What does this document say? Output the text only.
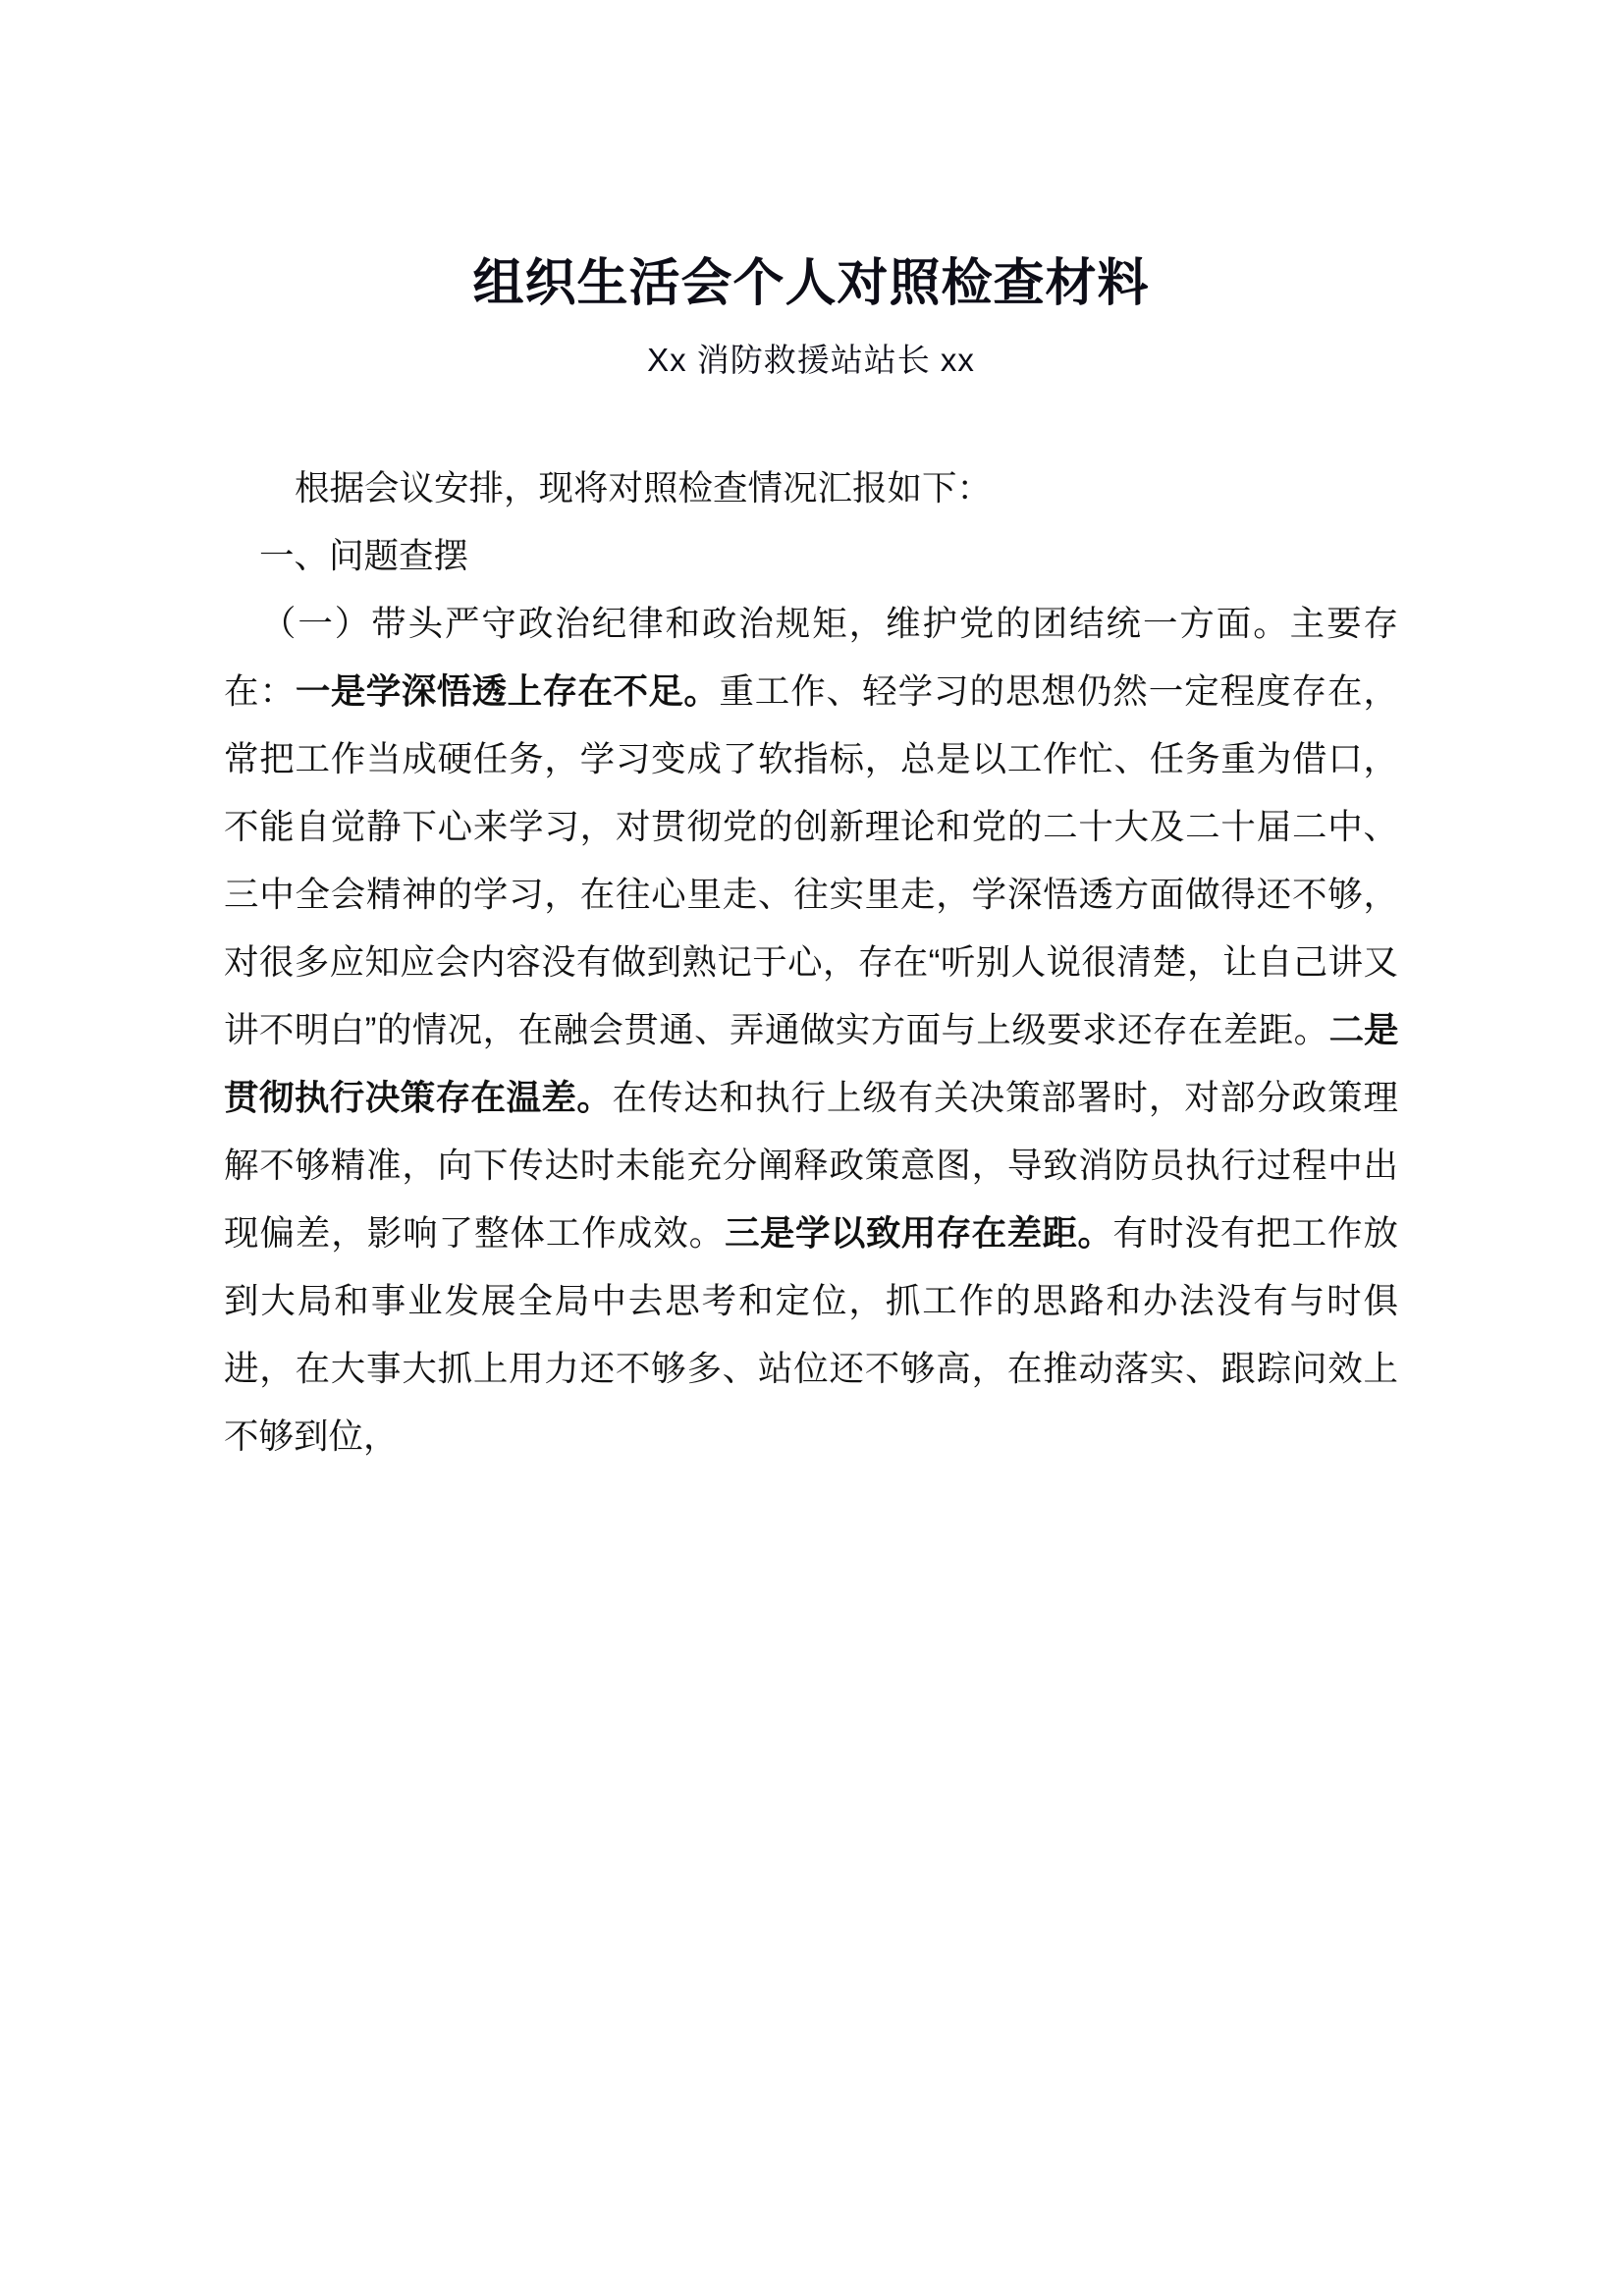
组织生活会个人对照检查材料
Xx 消防救援站站长 xx

根据会议安排，现将对照检查情况汇报如下：

一、问题查摆

（一）带头严守政治纪律和政治规矩，维护党的团结统一方面。主要存在：一是学深悟透上存在不足。重工作、轻学习的思想仍然一定程度存在，常把工作当成硬任务，学习变成了软指标，总是以工作忙、任务重为借口，不能自觉静下心来学习，对贯彻党的创新理论和党的二十大及二十届二中、三中全会精神的学习，在往心里走、往实里走，学深悟透方面做得还不够，对很多应知应会内容没有做到熟记于心，存在“听别人说很清楚，让自己讲又讲不明白”的情况，在融会贯通、弄通做实方面与上级要求还存在差距。二是贯彻执行决策存在温差。在传达和执行上级有关决策部署时，对部分政策理解不够精准，向下传达时未能充分阐释政策意图，导致消防员执行过程中出现偏差，影响了整体工作成效。三是学以致用存在差距。有时没有把工作放到大局和事业发展全局中去思考和定位，抓工作的思路和办法没有与时俱进，在大事大抓上用力还不够多、站位还不够高，在推动落实、跟踪问效上不够到位，
